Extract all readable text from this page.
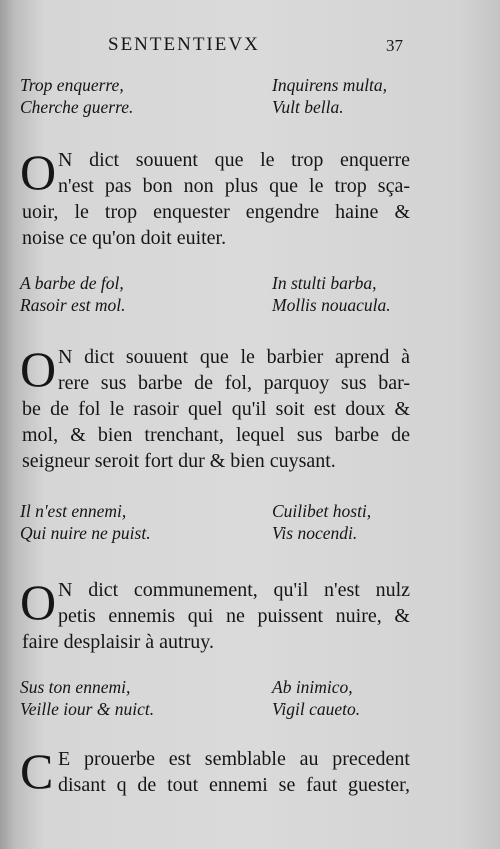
SENTENTIEVX	37
Trop enquerre,	Inquirens multa,
Cherche guerre.	Vult bella.
O N dict souuent que le trop enquerre
n'est pas bon non plus que le trop sça-
uoir, le trop enquester engendre haine &
noise ce qu'on doit euiter.
A barbe de fol,	In stulti barba,
Rasoir est mol.	Mollis nouacula.
O N dict souuent que le barbier aprend à
rere sus barbe de fol, parquoy sus bar-
be de fol le rasoir quel qu'il soit est doux &
mol, & bien trenchant, lequel sus barbe de
seigneur seroit fort dur & bien cuysant.
Il n'est ennemi,	Cuilibet hosti,
Qui nuire ne puist.	Vis nocendi.
O N dict communement, qu'il n'est nulz
petis ennemis qui ne puissent nuire, &
faire desplaisir à autruy.
Sus ton ennemi,	Ab inimico,
Veille iour & nuict.	Vigil caueto.
C E prouerbe est semblable au precedent
disant q de tout ennemi se faut guester,
